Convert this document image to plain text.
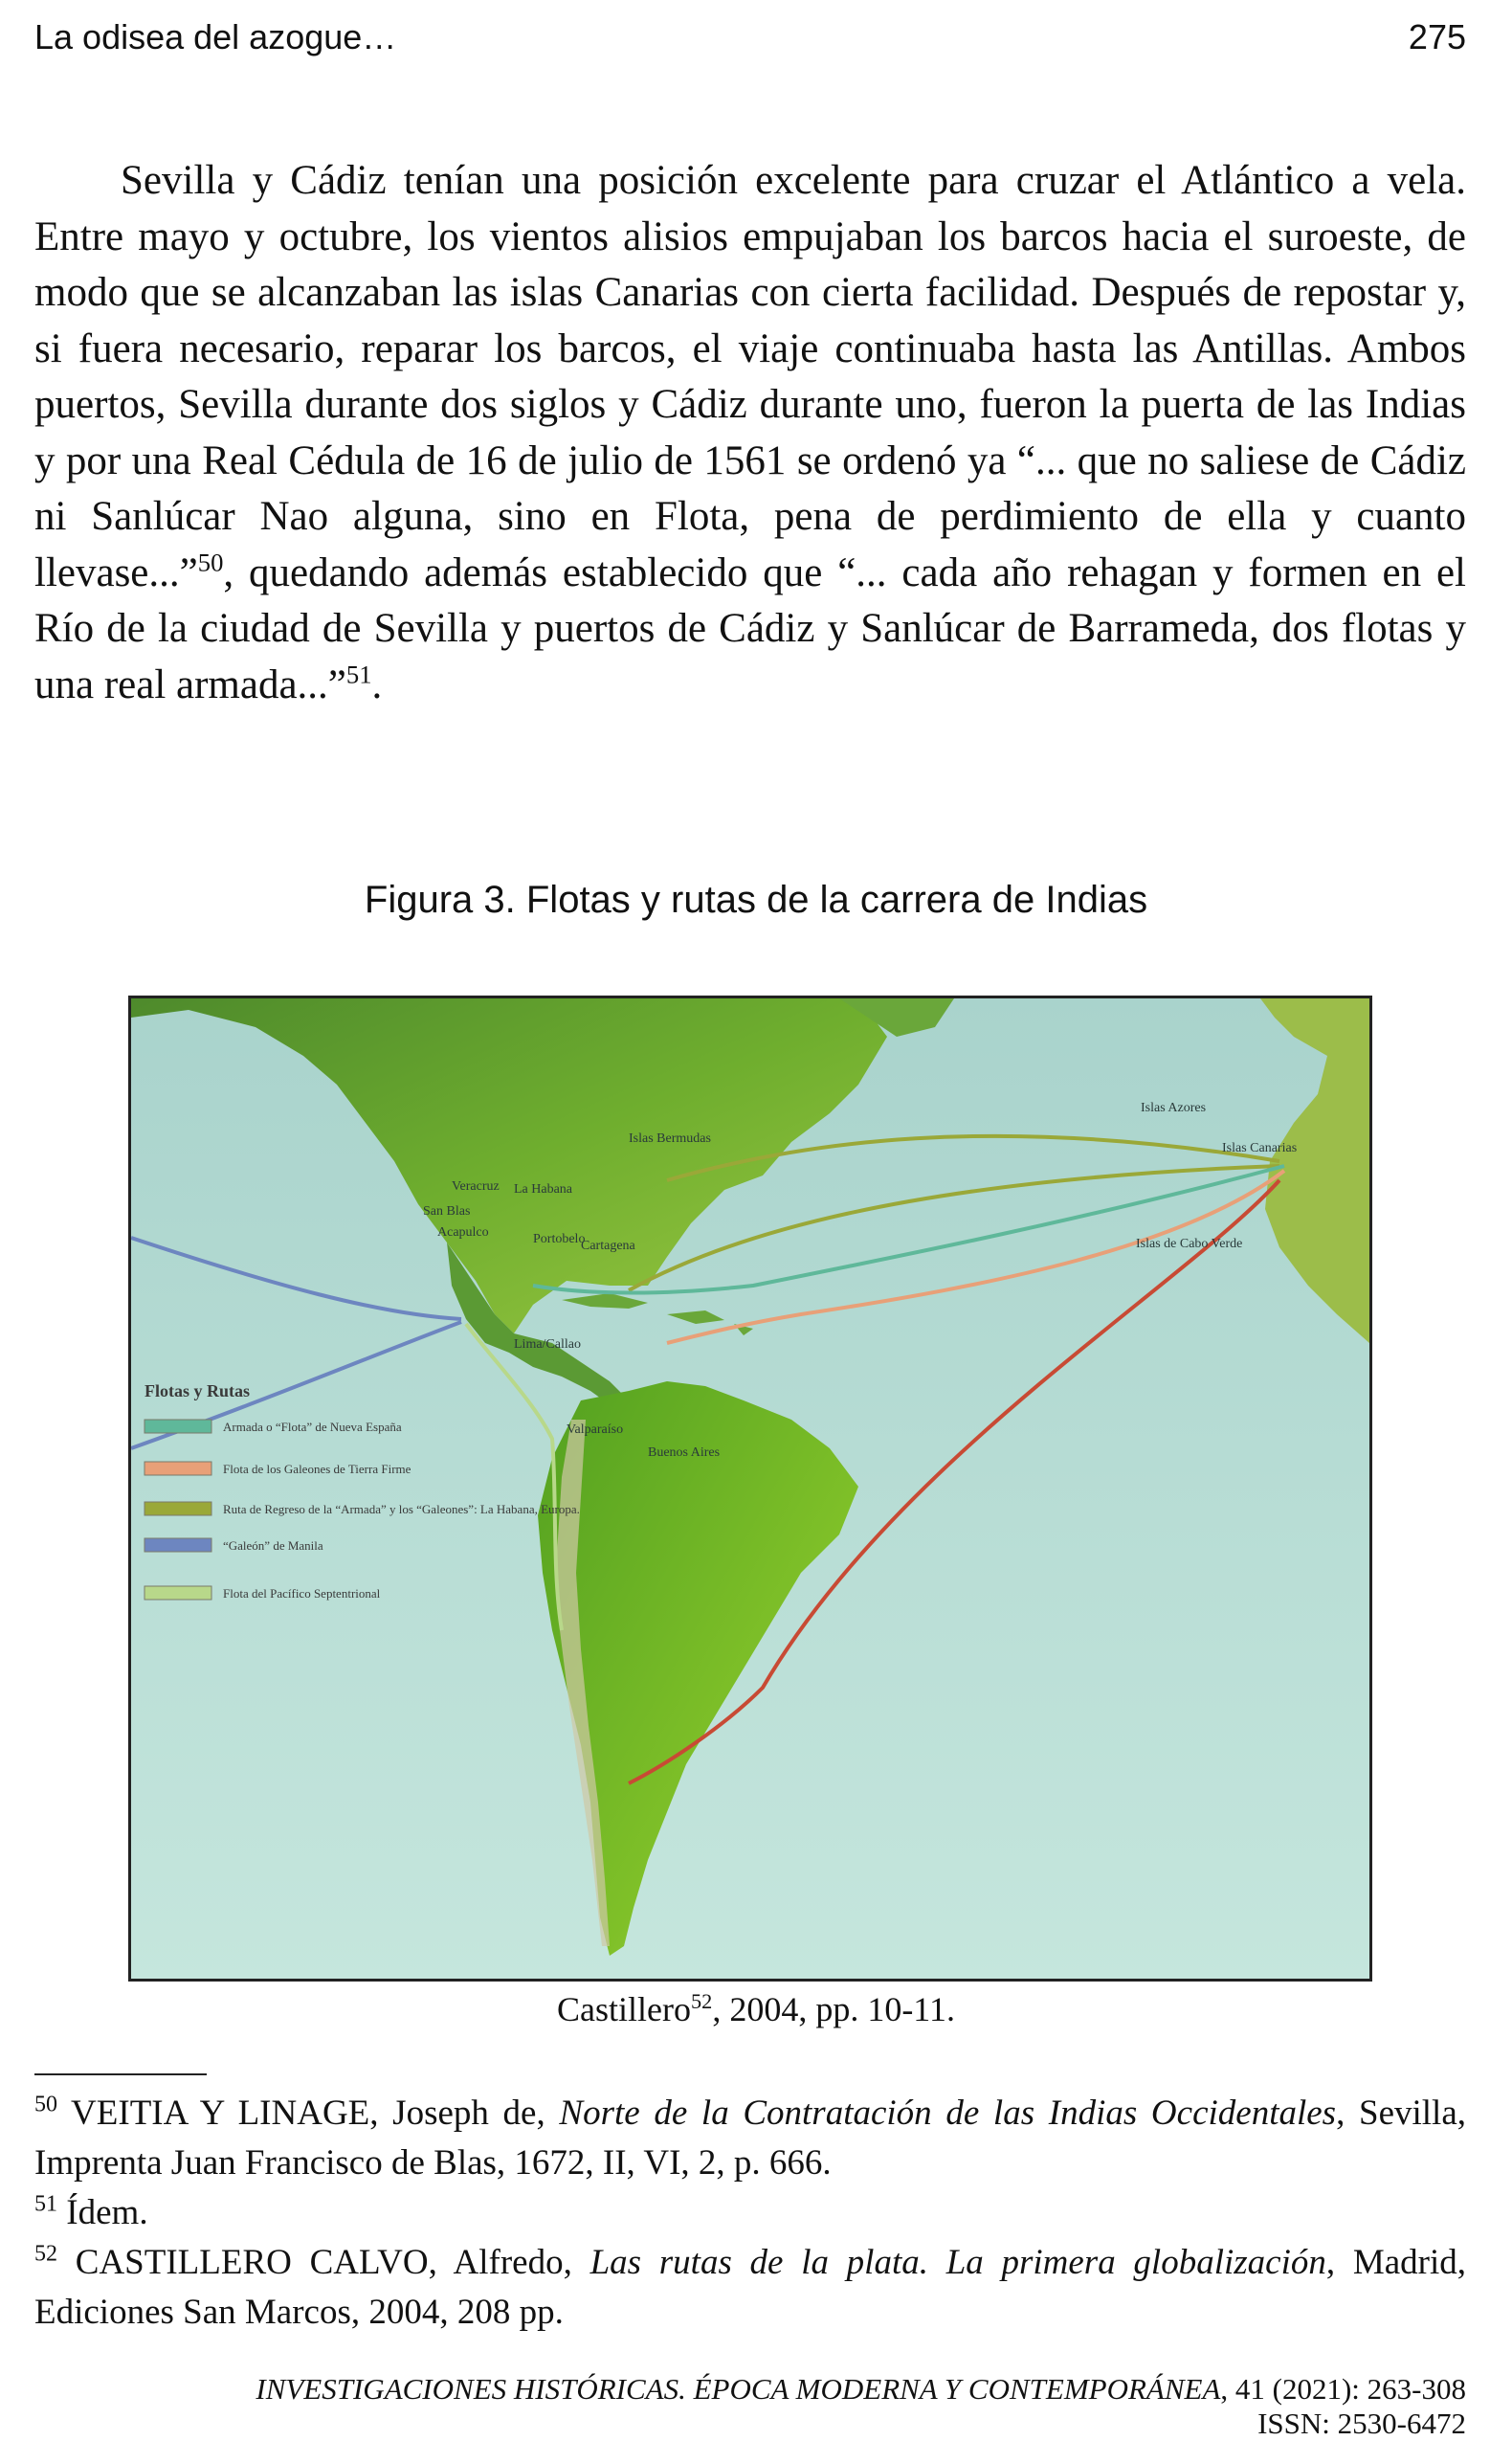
La odisea del azogue…	275

Sevilla y Cádiz tenían una posición excelente para cruzar el Atlántico a vela. Entre mayo y octubre, los vientos alisios empujaban los barcos hacia el suroeste, de modo que se alcanzaban las islas Canarias con cierta facilidad. Después de repostar y, si fuera necesario, reparar los barcos, el viaje continuaba hasta las Antillas. Ambos puertos, Sevilla durante dos siglos y Cádiz durante uno, fueron la puerta de las Indias y por una Real Cédula de 16 de julio de 1561 se ordenó ya “... que no saliese de Cádiz ni Sanlúcar Nao alguna, sino en Flota, pena de perdimiento de ella y cuanto llevase...”$^{50}$, quedando además establecido que “... cada año rehagan y formen en el Río de la ciudad de Sevilla y puertos de Cádiz y Sanlúcar de Barrameda, dos flotas y una real armada...”$^{51}$.

Figura 3. Flotas y rutas de la carrera de Indias
Islas Azores
Islas Bermudas
Islas Canarias
Islas de Cabo Verde
Veracruz La Habana
San Blas
Acapulco	Portobelo
Cartagena
Lima/Callao
Valparaíso
Buenos Aires
Flotas y Rutas
Armada o “Flota” de Nueva España
Flota de los Galeones de Tierra Firme
Ruta de Regreso de la “Armada” y los “Galeones”: La Habana, Europa.
“Galeón” de Manila
Flota del Pacífico Septentrional
Castillero$^{52}$, 2004, pp. 10-11.

$^{50}$ VEITIA Y LINAGE, Joseph de, Norte de la Contratación de las Indias Occidentales, Sevilla, Imprenta Juan Francisco de Blas, 1672, II, VI, 2, p. 666.

$^{51}$ Ídem.

$^{52}$ CASTILLERO CALVO, Alfredo, Las rutas de la plata. La primera globalización, Madrid, Ediciones San Marcos, 2004, 208 pp.

INVESTIGACIONES HISTÓRICAS. ÉPOCA MODERNA Y CONTEMPORÁNEA, 41 (2021): 263-308
ISSN: 2530-6472
